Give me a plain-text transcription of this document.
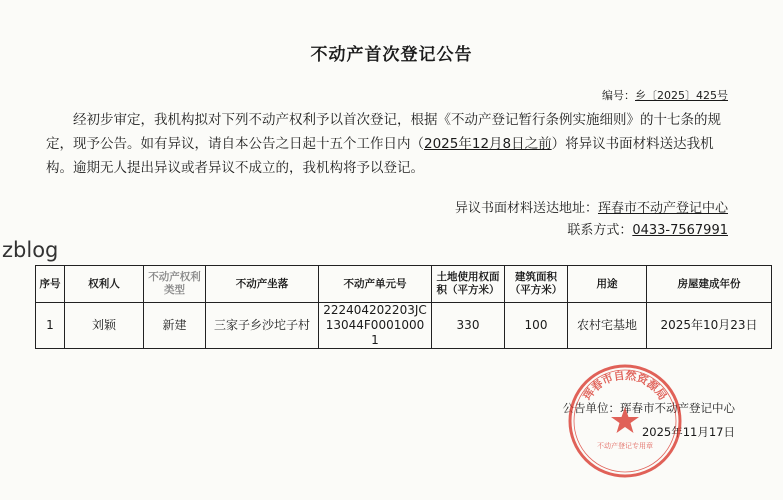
不动产首次登记公告
编号：乡〔2025〕425号

经初步审定，我机构拟对下列不动产权利予以首次登记，根据《不动产登记暂行条例实施细则》的十七条的规定，现予公告。如有异议，请自本公告之日起十五个工作日内（2025年12月8日之前）将异议书面材料送达我机构。逾期无人提出异议或者异议不成立的，我机构将予以登记。

异议书面材料送达地址：珲春市不动产登记中心
联系方式：0433-7567991
zblog
序号	权利人	不动产权利类型	不动产坐落	不动产单元号	土地使用权面积（平方米）	建筑面积（平方米）	用途	房屋建成年份
1	刘颖	新建	三家子乡沙坨子村	222404202203JC13044F00010001	330	100	农村宅基地	2025年10月23日
公告单位：珲春市不动产登记中心
2025年11月17日
珲春市自然资源局
不动产登记专用章
